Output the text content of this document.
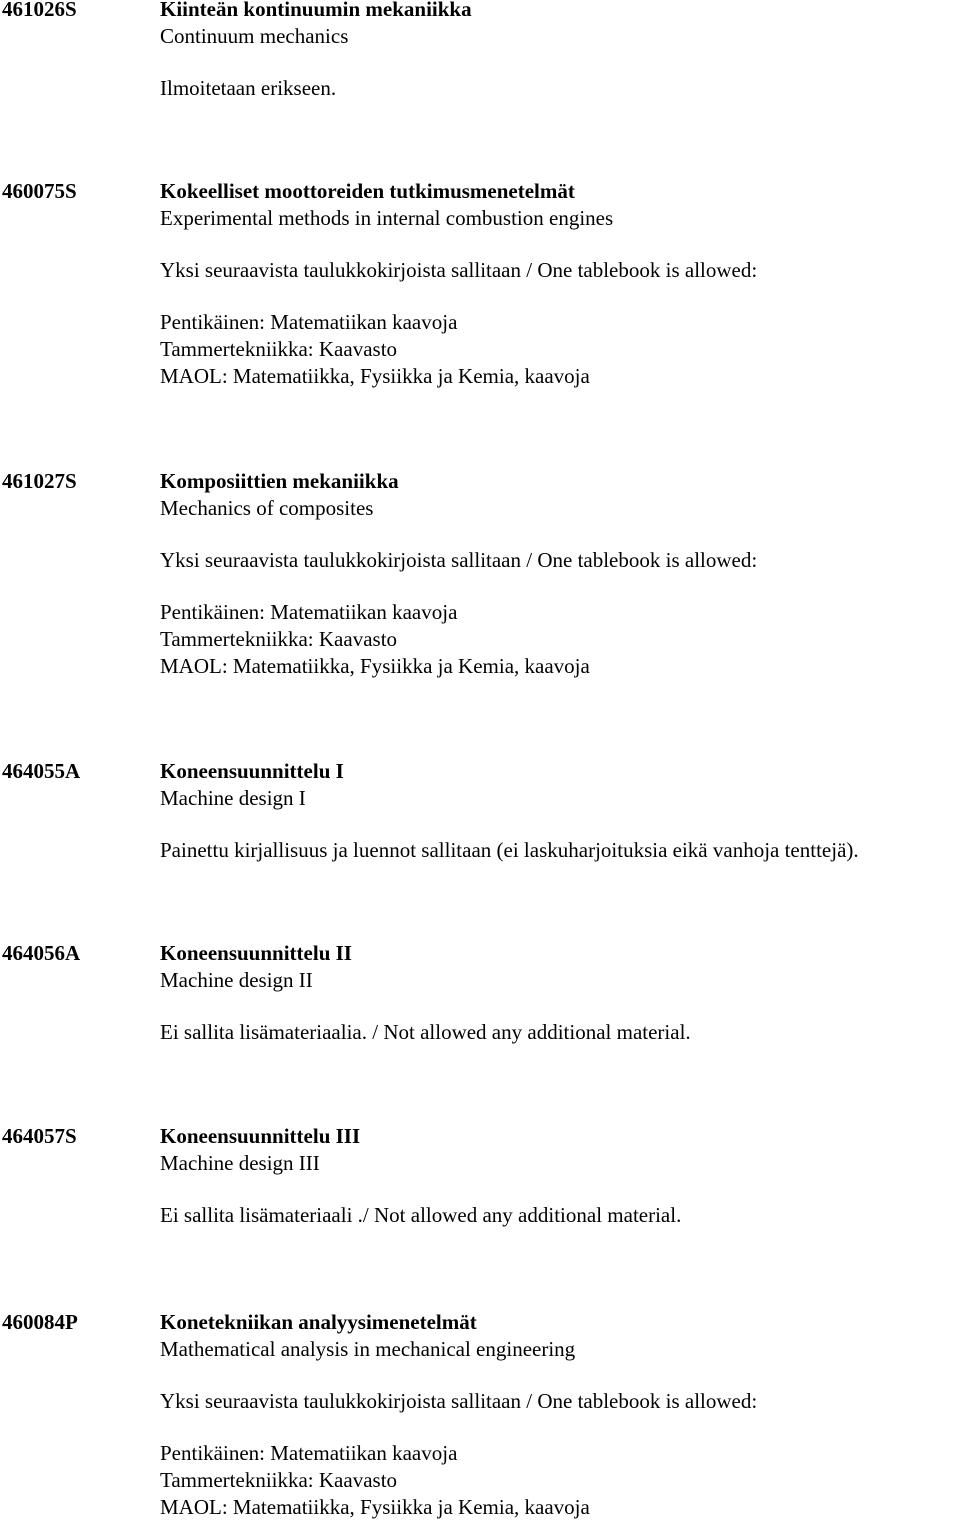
461026S	Kiinteän kontinuumin mekaniikka
Continuum mechanics
Ilmoitetaan erikseen.
460075S	Kokeelliset moottoreiden tutkimusmenetelmät
Experimental methods in internal combustion engines
Yksi seuraavista taulukkokirjoista sallitaan / One tablebook is allowed:
Pentikäinen: Matematiikan kaavoja
Tammertekniikka: Kaavasto
MAOL: Matematiikka, Fysiikka ja Kemia, kaavoja
461027S	Komposiittien mekaniikka
Mechanics of composites
Yksi seuraavista taulukkokirjoista sallitaan / One tablebook is allowed:
Pentikäinen: Matematiikan kaavoja
Tammertekniikka: Kaavasto
MAOL: Matematiikka, Fysiikka ja Kemia, kaavoja
464055A	Koneensuunnittelu I
Machine design I
Painettu kirjallisuus ja luennot sallitaan (ei laskuharjoituksia eikä vanhoja tenttejä).
464056A	Koneensuunnittelu II
Machine design II
Ei sallita lisämateriaalia. / Not allowed any additional material.
464057S	Koneensuunnittelu III
Machine design III
Ei sallita lisämateriaali ./ Not allowed any additional material.
460084P	Konetekniikan analyysimenetelmät
Mathematical analysis in mechanical engineering
Yksi seuraavista taulukkokirjoista sallitaan / One tablebook is allowed:
Pentikäinen: Matematiikan kaavoja
Tammertekniikka: Kaavasto
MAOL: Matematiikka, Fysiikka ja Kemia, kaavoja
